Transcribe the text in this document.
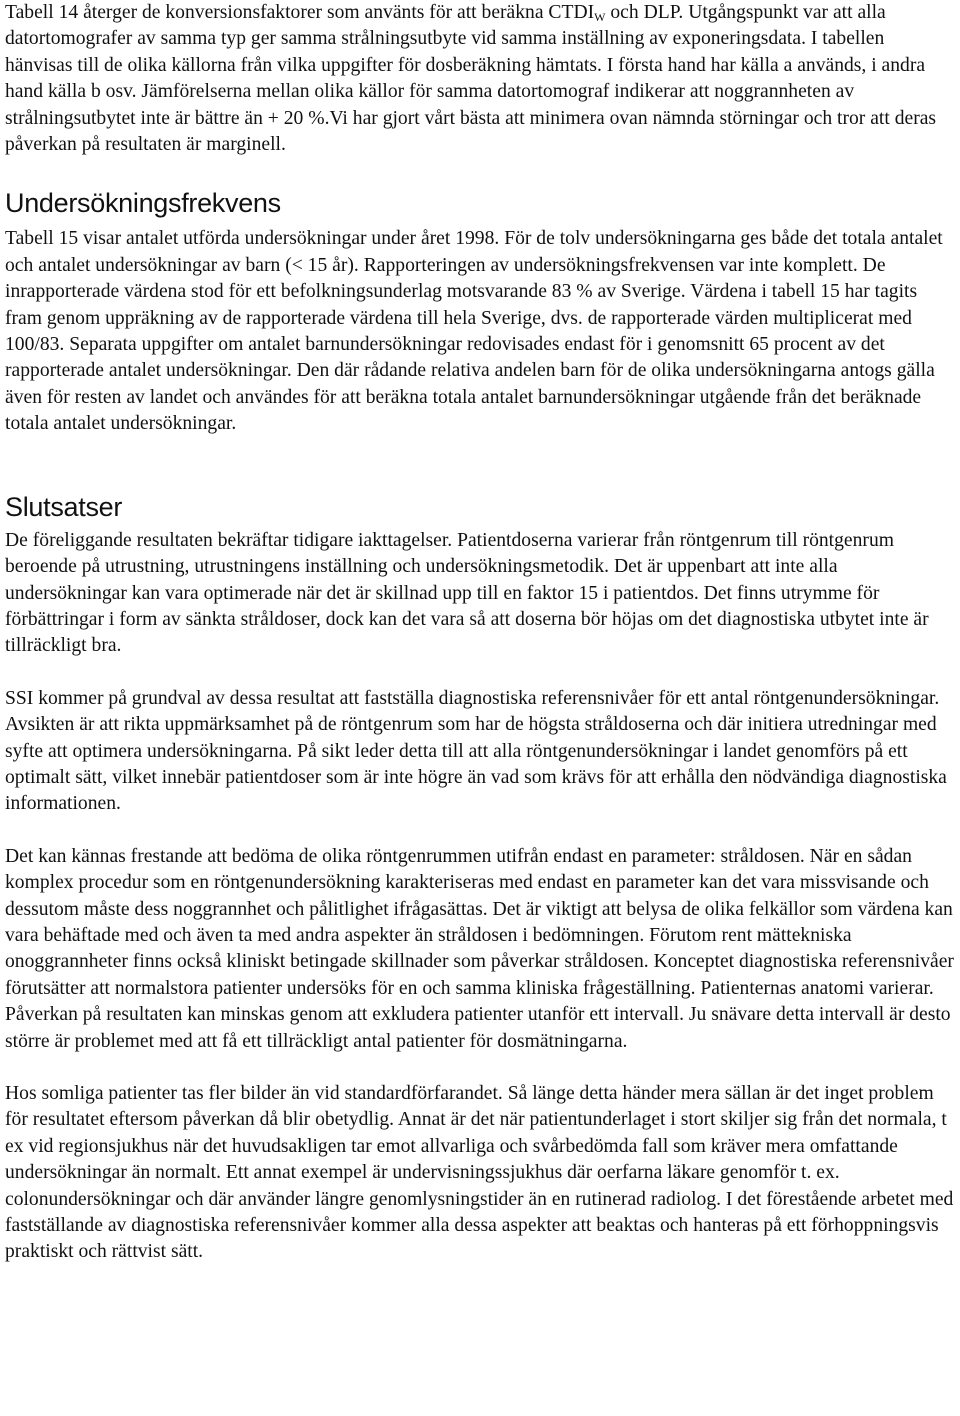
Tabell 14 återger de konversionsfaktorer som använts för att beräkna $CTDI_W$ och DLP. Utgångspunkt var att alla datortomografer av samma typ ger samma strålningsutbyte vid samma inställning av exponeringsdata. I tabellen hänvisas till de olika källorna från vilka uppgifter för dosberäkning hämtats. I första hand har källa a används, i andra hand källa b osv. Jämförelserna mellan olika källor för samma datortomograf indikerar att noggrannheten av strålningsutbytet inte är bättre än + 20 %.Vi har gjort vårt bästa att minimera ovan nämnda störningar och tror att deras påverkan på resultaten är marginell.

Undersökningsfrekvens

Tabell 15 visar antalet utförda undersökningar under året 1998. För de tolv undersökningarna ges både det totala antalet och antalet undersökningar av barn (< 15 år). Rapporteringen av undersökningsfrekvensen var inte komplett. De inrapporterade värdena stod för ett befolkningsunderlag motsvarande 83 % av Sverige. Värdena i tabell 15 har tagits fram genom uppräkning av de rapporterade värdena till hela Sverige, dvs. de rapporterade värden multiplicerat med 100/83. Separata uppgifter om antalet barnundersökningar redovisades endast för i genomsnitt 65 procent av det rapporterade antalet undersökningar. Den där rådande relativa andelen barn för de olika undersökningarna antogs gälla även för resten av landet och användes för att beräkna totala antalet barnundersökningar utgående från det beräknade totala antalet undersökningar.

Slutsatser

De föreliggande resultaten bekräftar tidigare iakttagelser. Patientdoserna varierar från röntgenrum till röntgenrum beroende på utrustning, utrustningens inställning och undersökningsmetodik. Det är uppenbart att inte alla undersökningar kan vara optimerade när det är skillnad upp till en faktor 15 i patientdos. Det finns utrymme för förbättringar i form av sänkta stråldoser, dock kan det vara så att doserna bör höjas om det diagnostiska utbytet inte är tillräckligt bra.

SSI kommer på grundval av dessa resultat att fastställa diagnostiska referensnivåer för ett antal röntgenundersökningar. Avsikten är att rikta uppmärksamhet på de röntgenrum som har de högsta stråldoserna och där initiera utredningar med syfte att optimera undersökningarna. På sikt leder detta till att alla röntgenundersökningar i landet genomförs på ett optimalt sätt, vilket innebär patientdoser som är inte högre än vad som krävs för att erhålla den nödvändiga diagnostiska informationen.

Det kan kännas frestande att bedöma de olika röntgenrummen utifrån endast en parameter: stråldosen. När en sådan komplex procedur som en röntgenundersökning karakteriseras med endast en parameter kan det vara missvisande och dessutom måste dess noggrannhet och pålitlighet ifrågasättas. Det är viktigt att belysa de olika felkällor som värdena kan vara behäftade med och även ta med andra aspekter än stråldosen i bedömningen. Förutom rent mättekniska onoggrannheter finns också kliniskt betingade skillnader som påverkar stråldosen. Konceptet diagnostiska referensnivåer förutsätter att normalstora patienter undersöks för en och samma kliniska frågeställning. Patienternas anatomi varierar. Påverkan på resultaten kan minskas genom att exkludera patienter utanför ett intervall. Ju snävare detta intervall är desto större är problemet med att få ett tillräckligt antal patienter för dosmätningarna.

Hos somliga patienter tas fler bilder än vid standardförfarandet. Så länge detta händer mera sällan är det inget problem för resultatet eftersom påverkan då blir obetydlig. Annat är det när patientunderlaget i stort skiljer sig från det normala, t ex vid regionsjukhus när det huvudsakligen tar emot allvarliga och svårbedömda fall som kräver mera omfattande undersökningar än normalt. Ett annat exempel är undervisningssjukhus där oerfarna läkare genomför t. ex. colonundersökningar och där använder längre genomlysningstider än en rutinerad radiolog. I det förestående arbetet med fastställande av diagnostiska referensnivåer kommer alla dessa aspekter att beaktas och hanteras på ett förhoppningsvis praktiskt och rättvist sätt.
